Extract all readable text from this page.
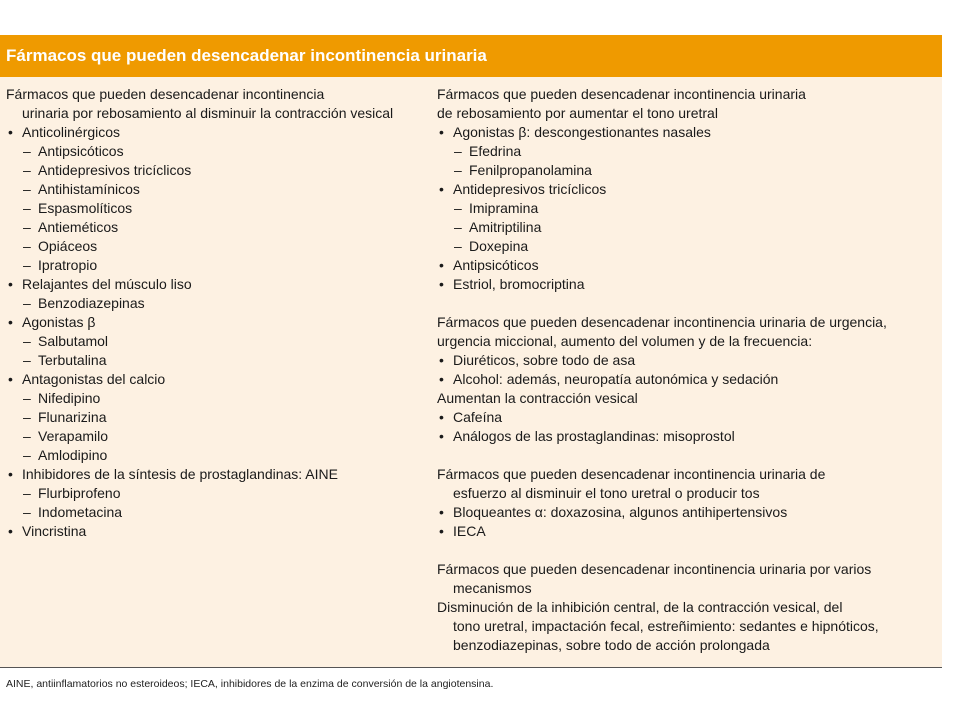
Fármacos que pueden desencadenar incontinencia urinaria
Fármacos que pueden desencadenar incontinencia
urinaria por rebosamiento al disminuir la contracción vesical
• Anticolinérgicos
– Antipsicóticos
– Antidepresivos tricíclicos
– Antihistamínicos
– Espasmolíticos
– Antieméticos
– Opiáceos
– Ipratropio
• Relajantes del músculo liso
– Benzodiazepinas
• Agonistas β
– Salbutamol
– Terbutalina
• Antagonistas del calcio
– Nifedipino
– Flunarizina
– Verapamilo
– Amlodipino
• Inhibidores de la síntesis de prostaglandinas: AINE
– Flurbiprofeno
– Indometacina
• Vincristina
Fármacos que pueden desencadenar incontinencia urinaria
de rebosamiento por aumentar el tono uretral
• Agonistas β: descongestionantes nasales
– Efedrina
– Fenilpropanolamina
• Antidepresivos tricíclicos
– Imipramina
– Amitriptilina
– Doxepina
• Antipsicóticos
• Estriol, bromocriptina
Fármacos que pueden desencadenar incontinencia urinaria de urgencia,
urgencia miccional, aumento del volumen y de la frecuencia:
• Diuréticos, sobre todo de asa
• Alcohol: además, neuropatía autonómica y sedación
Aumentan la contracción vesical
• Cafeína
• Análogos de las prostaglandinas: misoprostol
Fármacos que pueden desencadenar incontinencia urinaria de
esfuerzo al disminuir el tono uretral o producir tos
• Bloqueantes α: doxazosina, algunos antihipertensivos
• IECA
Fármacos que pueden desencadenar incontinencia urinaria por varios
mecanismos
Disminución de la inhibición central, de la contracción vesical, del
tono uretral, impactación fecal, estreñimiento: sedantes e hipnóticos,
benzodiazepinas, sobre todo de acción prolongada
AINE, antiinflamatorios no esteroideos; IECA, inhibidores de la enzima de conversión de la angiotensina.
